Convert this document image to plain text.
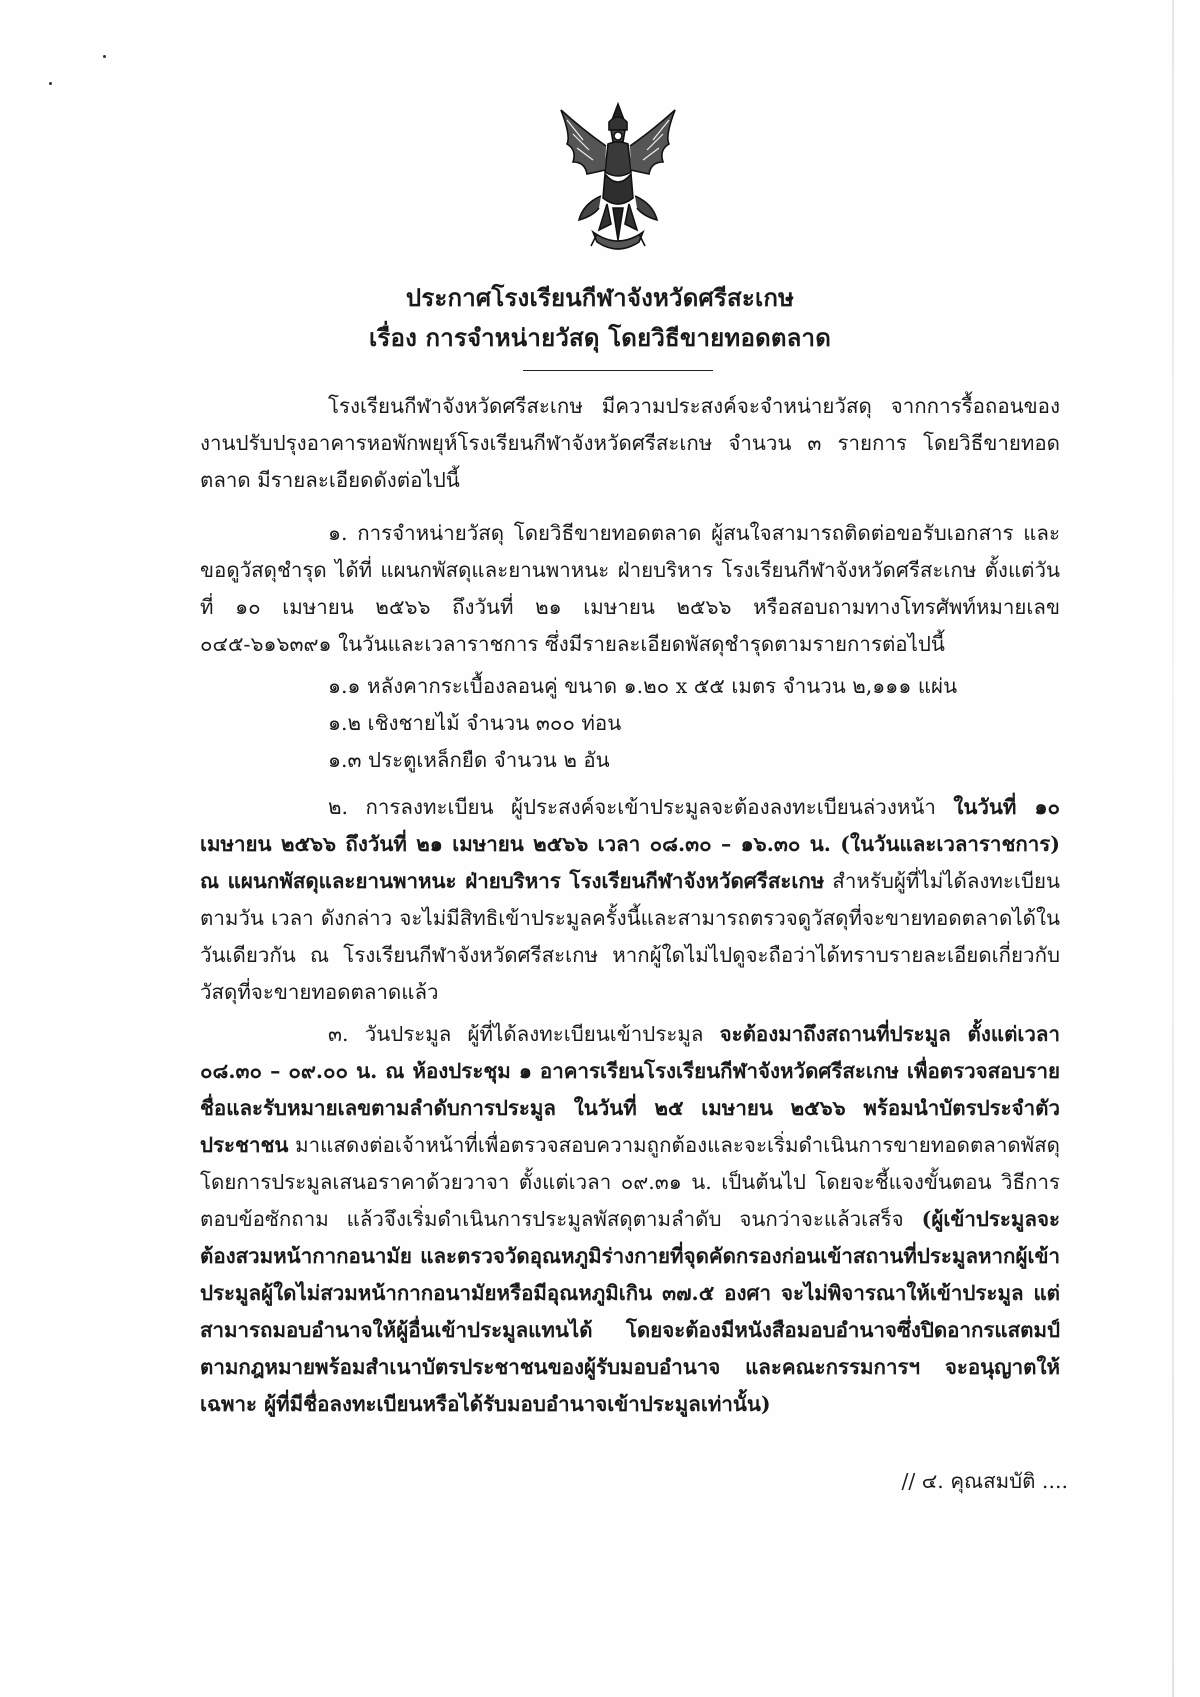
ประกาศโรงเรียนกีฬาจังหวัดศรีสะเกษ
เรื่อง การจำหน่ายวัสดุ โดยวิธีขายทอดตลาด

โรงเรียนกีฬาจังหวัดศรีสะเกษ มีความประสงค์จะจำหน่ายวัสดุ จากการรื้อถอนของงานปรับปรุงอาคารหอพักพยุห์โรงเรียนกีฬาจังหวัดศรีสะเกษ จำนวน ๓ รายการ โดยวิธีขายทอดตลาด มีรายละเอียดดังต่อไปนี้

๑. การจำหน่ายวัสดุ โดยวิธีขายทอดตลาด ผู้สนใจสามารถติดต่อขอรับเอกสาร และขอดูวัสดุชำรุด ได้ที่ แผนกพัสดุและยานพาหนะ ฝ่ายบริหาร โรงเรียนกีฬาจังหวัดศรีสะเกษ ตั้งแต่วันที่ ๑๐ เมษายน ๒๕๖๖ ถึงวันที่ ๒๑ เมษายน ๒๕๖๖ หรือสอบถามทางโทรศัพท์หมายเลข ๐๔๕-๖๑๖๓๙๑ ในวันและเวลาราชการ ซึ่งมีรายละเอียดพัสดุชำรุดตามรายการต่อไปนี้

๑.๑ หลังคากระเบื้องลอนคู่ ขนาด ๑.๒๐ x ๕๕ เมตร จำนวน ๒,๑๑๑ แผ่น

๑.๒ เชิงชายไม้ จำนวน ๓๐๐ ท่อน

๑.๓ ประตูเหล็กยืด จำนวน ๒ อัน

๒. การลงทะเบียน ผู้ประสงค์จะเข้าประมูลจะต้องลงทะเบียนล่วงหน้า ในวันที่ ๑๐ เมษายน ๒๕๖๖ ถึงวันที่ ๒๑ เมษายน ๒๕๖๖ เวลา ๐๘.๓๐ – ๑๖.๓๐ น. (ในวันและเวลาราชการ) ณ แผนกพัสดุและยานพาหนะ ฝ่ายบริหาร โรงเรียนกีฬาจังหวัดศรีสะเกษ สำหรับผู้ที่ไม่ได้ลงทะเบียนตามวัน เวลา ดังกล่าว จะไม่มีสิทธิเข้าประมูลครั้งนี้และสามารถตรวจดูวัสดุที่จะขายทอดตลาดได้ในวันเดียวกัน ณ โรงเรียนกีฬาจังหวัดศรีสะเกษ หากผู้ใดไม่ไปดูจะถือว่าได้ทราบรายละเอียดเกี่ยวกับวัสดุที่จะขายทอดตลาดแล้ว

๓. วันประมูล ผู้ที่ได้ลงทะเบียนเข้าประมูล จะต้องมาถึงสถานที่ประมูล ตั้งแต่เวลา ๐๘.๓๐ – ๐๙.๐๐ น. ณ ห้องประชุม ๑ อาคารเรียนโรงเรียนกีฬาจังหวัดศรีสะเกษ เพื่อตรวจสอบรายชื่อและรับหมายเลขตามลำดับการประมูล ในวันที่ ๒๕ เมษายน ๒๕๖๖ พร้อมนำบัตรประจำตัวประชาชน มาแสดงต่อเจ้าหน้าที่เพื่อตรวจสอบความถูกต้องและจะเริ่มดำเนินการขายทอดตลาดพัสดุโดยการประมูลเสนอราคาด้วยวาจา ตั้งแต่เวลา ๐๙.๓๑ น. เป็นต้นไป โดยจะชี้แจงขั้นตอน วิธีการ ตอบข้อซักถาม แล้วจึงเริ่มดำเนินการประมูลพัสดุตามลำดับ จนกว่าจะแล้วเสร็จ (ผู้เข้าประมูลจะต้องสวมหน้ากากอนามัย และตรวจวัดอุณหภูมิร่างกายที่จุดคัดกรองก่อนเข้าสถานที่ประมูลหากผู้เข้าประมูลผู้ใดไม่สวมหน้ากากอนามัยหรือมีอุณหภูมิเกิน ๓๗.๕ องศา จะไม่พิจารณาให้เข้าประมูล แต่สามารถมอบอำนาจให้ผู้อื่นเข้าประมูลแทนได้ โดยจะต้องมีหนังสือมอบอำนาจซึ่งปิดอากรแสตมป์ตามกฎหมายพร้อมสำเนาบัตรประชาชนของผู้รับมอบอำนาจ และคณะกรรมการฯ จะอนุญาตให้เฉพาะ ผู้ที่มีชื่อลงทะเบียนหรือได้รับมอบอำนาจเข้าประมูลเท่านั้น)

// ๔. คุณสมบัติ ....
